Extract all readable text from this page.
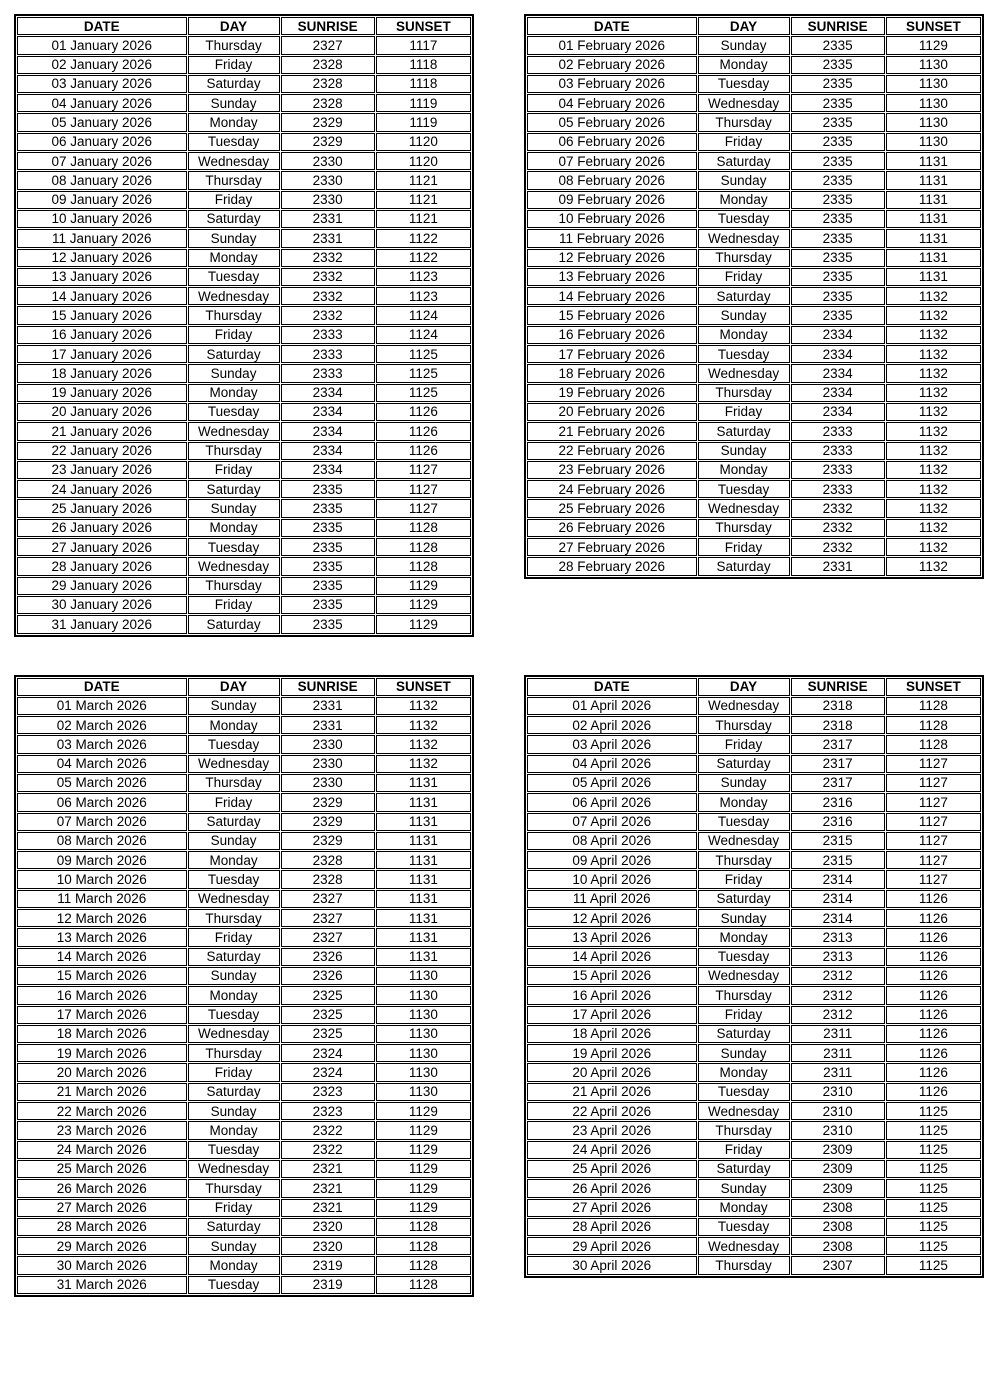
DATE	DAY	SUNRISE	SUNSET
01 January 2026	Thursday	2327	1117
02 January 2026	Friday	2328	1118
03 January 2026	Saturday	2328	1118
04 January 2026	Sunday	2328	1119
05 January 2026	Monday	2329	1119
06 January 2026	Tuesday	2329	1120
07 January 2026	Wednesday	2330	1120
08 January 2026	Thursday	2330	1121
09 January 2026	Friday	2330	1121
10 January 2026	Saturday	2331	1121
11 January 2026	Sunday	2331	1122
12 January 2026	Monday	2332	1122
13 January 2026	Tuesday	2332	1123
14 January 2026	Wednesday	2332	1123
15 January 2026	Thursday	2332	1124
16 January 2026	Friday	2333	1124
17 January 2026	Saturday	2333	1125
18 January 2026	Sunday	2333	1125
19 January 2026	Monday	2334	1125
20 January 2026	Tuesday	2334	1126
21 January 2026	Wednesday	2334	1126
22 January 2026	Thursday	2334	1126
23 January 2026	Friday	2334	1127
24 January 2026	Saturday	2335	1127
25 January 2026	Sunday	2335	1127
26 January 2026	Monday	2335	1128
27 January 2026	Tuesday	2335	1128
28 January 2026	Wednesday	2335	1128
29 January 2026	Thursday	2335	1129
30 January 2026	Friday	2335	1129
31 January 2026	Saturday	2335	1129
DATE	DAY	SUNRISE	SUNSET
01 February 2026	Sunday	2335	1129
02 February 2026	Monday	2335	1130
03 February 2026	Tuesday	2335	1130
04 February 2026	Wednesday	2335	1130
05 February 2026	Thursday	2335	1130
06 February 2026	Friday	2335	1130
07 February 2026	Saturday	2335	1131
08 February 2026	Sunday	2335	1131
09 February 2026	Monday	2335	1131
10 February 2026	Tuesday	2335	1131
11 February 2026	Wednesday	2335	1131
12 February 2026	Thursday	2335	1131
13 February 2026	Friday	2335	1131
14 February 2026	Saturday	2335	1132
15 February 2026	Sunday	2335	1132
16 February 2026	Monday	2334	1132
17 February 2026	Tuesday	2334	1132
18 February 2026	Wednesday	2334	1132
19 February 2026	Thursday	2334	1132
20 February 2026	Friday	2334	1132
21 February 2026	Saturday	2333	1132
22 February 2026	Sunday	2333	1132
23 February 2026	Monday	2333	1132
24 February 2026	Tuesday	2333	1132
25 February 2026	Wednesday	2332	1132
26 February 2026	Thursday	2332	1132
27 February 2026	Friday	2332	1132
28 February 2026	Saturday	2331	1132
DATE	DAY	SUNRISE	SUNSET
01 March 2026	Sunday	2331	1132
02 March 2026	Monday	2331	1132
03 March 2026	Tuesday	2330	1132
04 March 2026	Wednesday	2330	1132
05 March 2026	Thursday	2330	1131
06 March 2026	Friday	2329	1131
07 March 2026	Saturday	2329	1131
08 March 2026	Sunday	2329	1131
09 March 2026	Monday	2328	1131
10 March 2026	Tuesday	2328	1131
11 March 2026	Wednesday	2327	1131
12 March 2026	Thursday	2327	1131
13 March 2026	Friday	2327	1131
14 March 2026	Saturday	2326	1131
15 March 2026	Sunday	2326	1130
16 March 2026	Monday	2325	1130
17 March 2026	Tuesday	2325	1130
18 March 2026	Wednesday	2325	1130
19 March 2026	Thursday	2324	1130
20 March 2026	Friday	2324	1130
21 March 2026	Saturday	2323	1130
22 March 2026	Sunday	2323	1129
23 March 2026	Monday	2322	1129
24 March 2026	Tuesday	2322	1129
25 March 2026	Wednesday	2321	1129
26 March 2026	Thursday	2321	1129
27 March 2026	Friday	2321	1129
28 March 2026	Saturday	2320	1128
29 March 2026	Sunday	2320	1128
30 March 2026	Monday	2319	1128
31 March 2026	Tuesday	2319	1128
DATE	DAY	SUNRISE	SUNSET
01 April 2026	Wednesday	2318	1128
02 April 2026	Thursday	2318	1128
03 April 2026	Friday	2317	1128
04 April 2026	Saturday	2317	1127
05 April 2026	Sunday	2317	1127
06 April 2026	Monday	2316	1127
07 April 2026	Tuesday	2316	1127
08 April 2026	Wednesday	2315	1127
09 April 2026	Thursday	2315	1127
10 April 2026	Friday	2314	1127
11 April 2026	Saturday	2314	1126
12 April 2026	Sunday	2314	1126
13 April 2026	Monday	2313	1126
14 April 2026	Tuesday	2313	1126
15 April 2026	Wednesday	2312	1126
16 April 2026	Thursday	2312	1126
17 April 2026	Friday	2312	1126
18 April 2026	Saturday	2311	1126
19 April 2026	Sunday	2311	1126
20 April 2026	Monday	2311	1126
21 April 2026	Tuesday	2310	1126
22 April 2026	Wednesday	2310	1125
23 April 2026	Thursday	2310	1125
24 April 2026	Friday	2309	1125
25 April 2026	Saturday	2309	1125
26 April 2026	Sunday	2309	1125
27 April 2026	Monday	2308	1125
28 April 2026	Tuesday	2308	1125
29 April 2026	Wednesday	2308	1125
30 April 2026	Thursday	2307	1125
